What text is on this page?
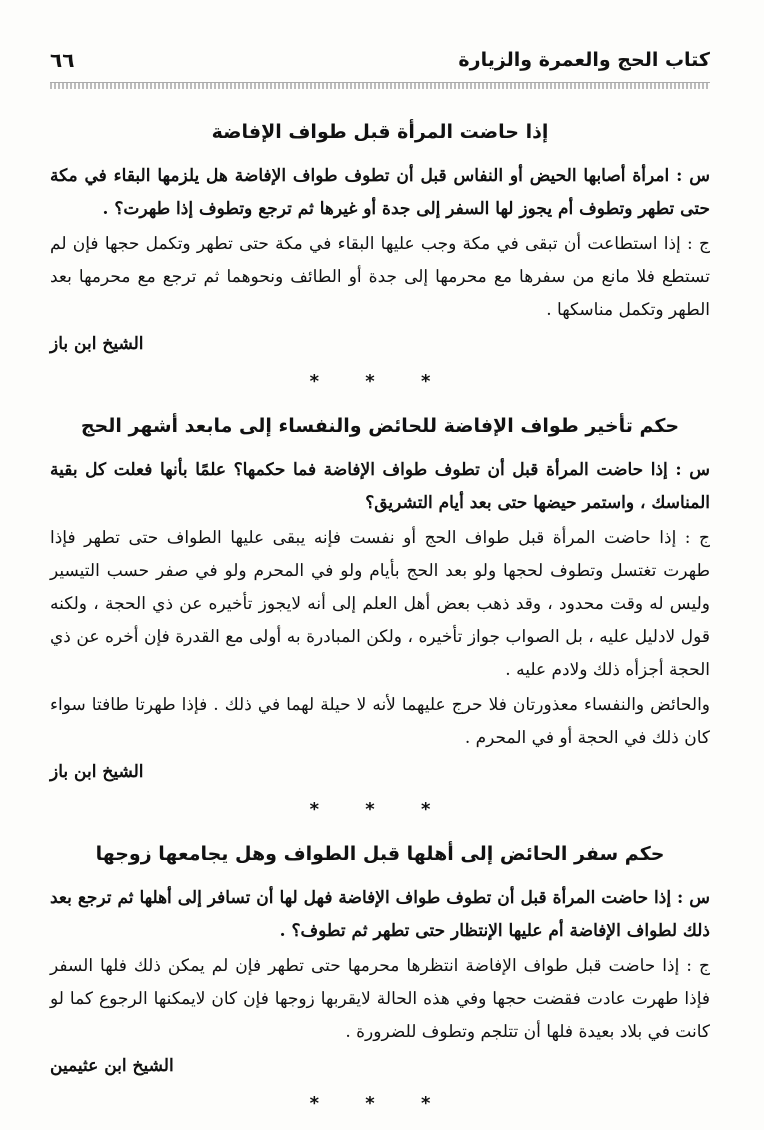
٦٦	كتاب الحج والعمرة والزيارة
إذا حاضت المرأة قبل طواف الإفاضة

س : امرأة أصابها الحيض أو النفاس قبل أن تطوف طواف الإفاضة هل يلزمها البقاء في مكة حتى تطهر وتطوف أم يجوز لها السفر إلى جدة أو غيرها ثم ترجع وتطوف إذا طهرت؟ .

ج : إذا استطاعت أن تبقى في مكة وجب عليها البقاء في مكة حتى تطهر وتكمل حجها فإن لم تستطع فلا مانع من سفرها مع محرمها إلى جدة أو الطائف ونحوهما ثم ترجع مع محرمها بعد الطهر وتكمل مناسكها .

الشيخ ابن باز
* * *
حكم تأخير طواف الإفاضة للحائض والنفساء إلى مابعد أشهر الحج

س : إذا حاضت المرأة قبل أن تطوف طواف الإفاضة فما حكمها؟ علمًا بأنها فعلت كل بقية المناسك ، واستمر حيضها حتى بعد أيام التشريق؟

ج : إذا حاضت المرأة قبل طواف الحج أو نفست فإنه يبقى عليها الطواف حتى تطهر فإذا طهرت تغتسل وتطوف لحجها ولو بعد الحج بأيام ولو في المحرم ولو في صفر حسب التيسير وليس له وقت محدود ، وقد ذهب بعض أهل العلم إلى أنه لايجوز تأخيره عن ذي الحجة ، ولكنه قول لادليل عليه ، بل الصواب جواز تأخيره ، ولكن المبادرة به أولى مع القدرة فإن أخره عن ذي الحجة أجزأه ذلك ولادم عليه .

والحائض والنفساء معذورتان فلا حرج عليهما لأنه لا حيلة لهما في ذلك . فإذا طهرتا طافتا سواء كان ذلك في الحجة أو في المحرم .

الشيخ ابن باز
* * *
حكم سفر الحائض إلى أهلها قبل الطواف وهل يجامعها زوجها

س : إذا حاضت المرأة قبل أن تطوف طواف الإفاضة فهل لها أن تسافر إلى أهلها ثم ترجع بعد ذلك لطواف الإفاضة أم عليها الإنتظار حتى تطهر ثم تطوف؟ .

ج : إذا حاضت قبل طواف الإفاضة انتظرها محرمها حتى تطهر فإن لم يمكن ذلك فلها السفر فإذا طهرت عادت فقضت حجها وفي هذه الحالة لايقربها زوجها فإن كان لايمكنها الرجوع كما لو كانت في بلاد بعيدة فلها أن تتلجم وتطوف للضرورة .

الشيخ ابن عثيمين
* * *
